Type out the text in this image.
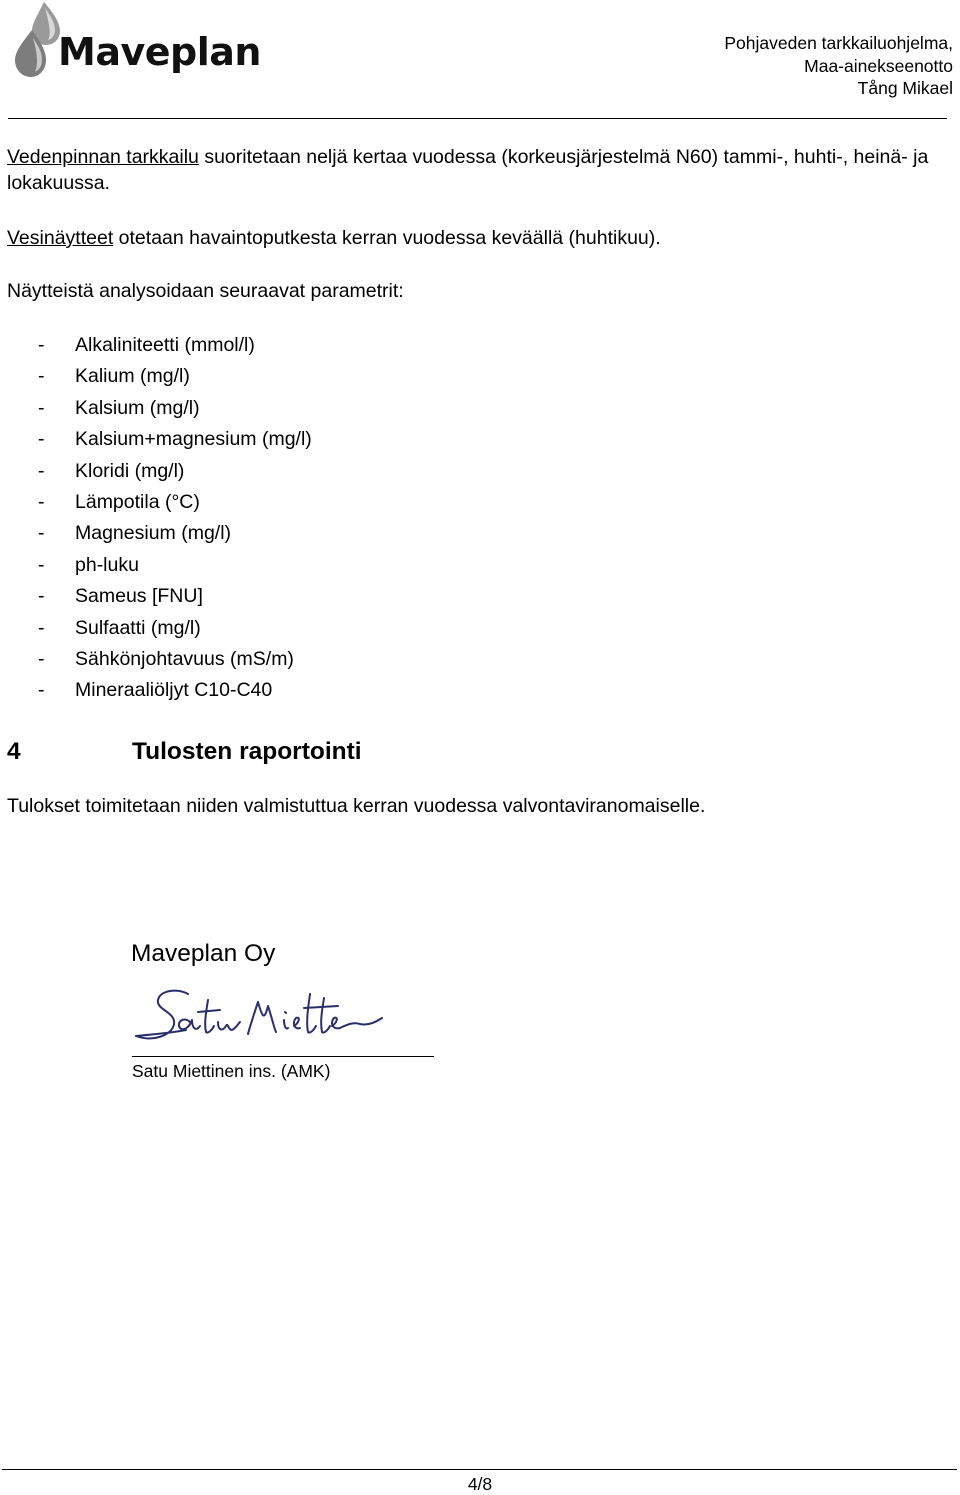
Maveplan	Pohjaveden tarkkailuohjelma,
Maa-ainekseenotto
Tång Mikael
Vedenpinnan tarkkailu suoritetaan neljä kertaa vuodessa (korkeusjärjestelmä N60) tammi-, huhti-, heinä- ja lokakuussa.
Vesinäytteet otetaan havaintoputkesta kerran vuodessa keväällä (huhtikuu).
Näytteistä analysoidaan seuraavat parametrit:
-	Alkaliniteetti (mmol/l)
-	Kalium (mg/l)
-	Kalsium (mg/l)
-	Kalsium+magnesium (mg/l)
-	Kloridi (mg/l)
-	Lämpotila (°C)
-	Magnesium (mg/l)
-	ph-luku
-	Sameus [FNU]
-	Sulfaatti (mg/l)
-	Sähkönjohtavuus (mS/m)
-	Mineraaliöljyt C10-C40
4	Tulosten raportointi
Tulokset toimitetaan niiden valmistuttua kerran vuodessa valvontaviranomaiselle.
Maveplan Oy
Satu Miettinen ins. (AMK)
4/8
